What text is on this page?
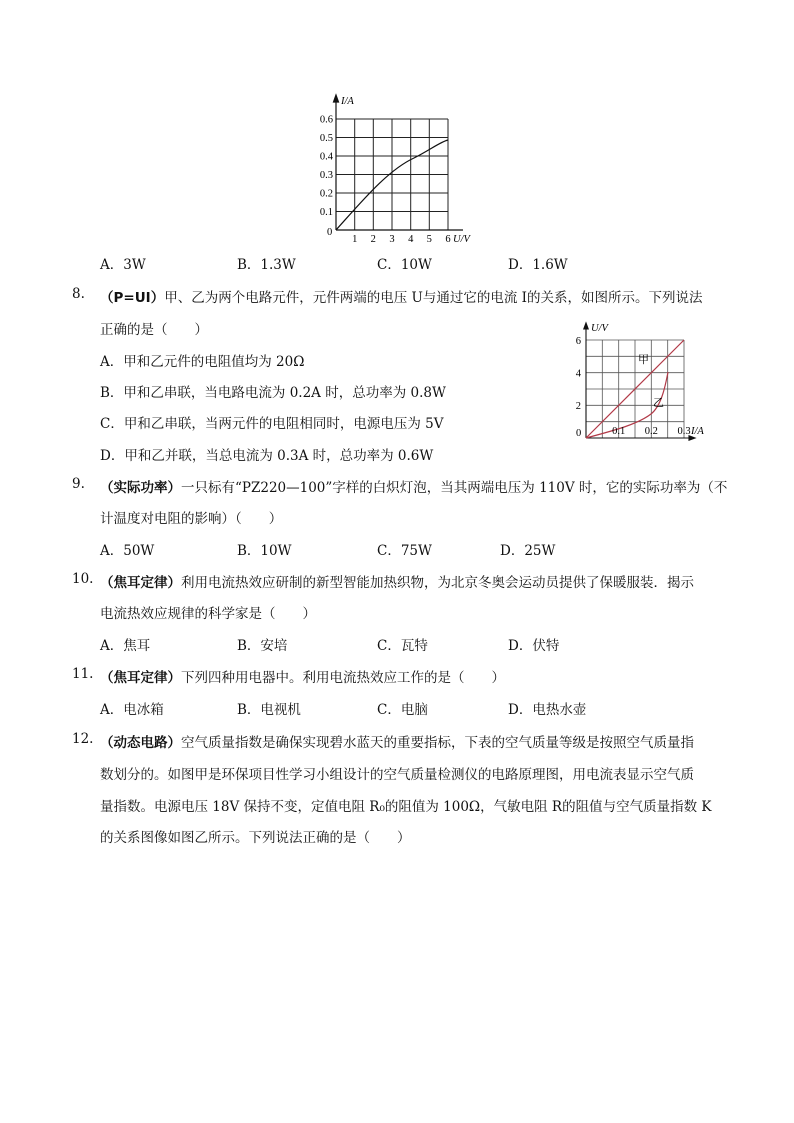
I/A
0
0.1
0.2
0.3
0.4
0.5
0.6
1 2 3 4 5 6 U/V
A．3W	B．1.3W	C．10W	D．1.6W
8. （P=UI）甲、乙为两个电路元件，元件两端的电压 U与通过它的电流 I的关系，如图所示。下列说法
正确的是（　　）
A．甲和乙元件的电阻值均为 20Ω
B．甲和乙串联，当电路电流为 0.2A 时，总功率为 0.8W
C．甲和乙串联，当两元件的电阻相同时，电源电压为 5V
D．甲和乙并联，当总电流为 0.3A 时，总功率为 0.6W
U/V
0
2
4
6
0.1 0.2 0.3 I/A
甲
乙
9. （实际功率）一只标有“PZ220—100”字样的白炽灯泡，当其两端电压为 110V 时，它的实际功率为（不
计温度对电阻的影响）（　　）
A．50W	B．10W	C．75W	D．25W
10. （焦耳定律）利用电流热效应研制的新型智能加热织物，为北京冬奥会运动员提供了保暖服装．揭示
电流热效应规律的科学家是（　　）
A．焦耳	B．安培	C．瓦特	D．伏特
11. （焦耳定律）下列四种用电器中。利用电流热效应工作的是（　　）
A．电冰箱	B．电视机	C．电脑	D．电热水壶
12. （动态电路）空气质量指数是确保实现碧水蓝天的重要指标，下表的空气质量等级是按照空气质量指
数划分的。如图甲是环保项目性学习小组设计的空气质量检测仪的电路原理图，用电流表显示空气质
量指数。电源电压 18V 保持不变，定值电阻 R₀的阻值为 100Ω，气敏电阻 R的阻值与空气质量指数 K
的关系图像如图乙所示。下列说法正确的是（　　）
